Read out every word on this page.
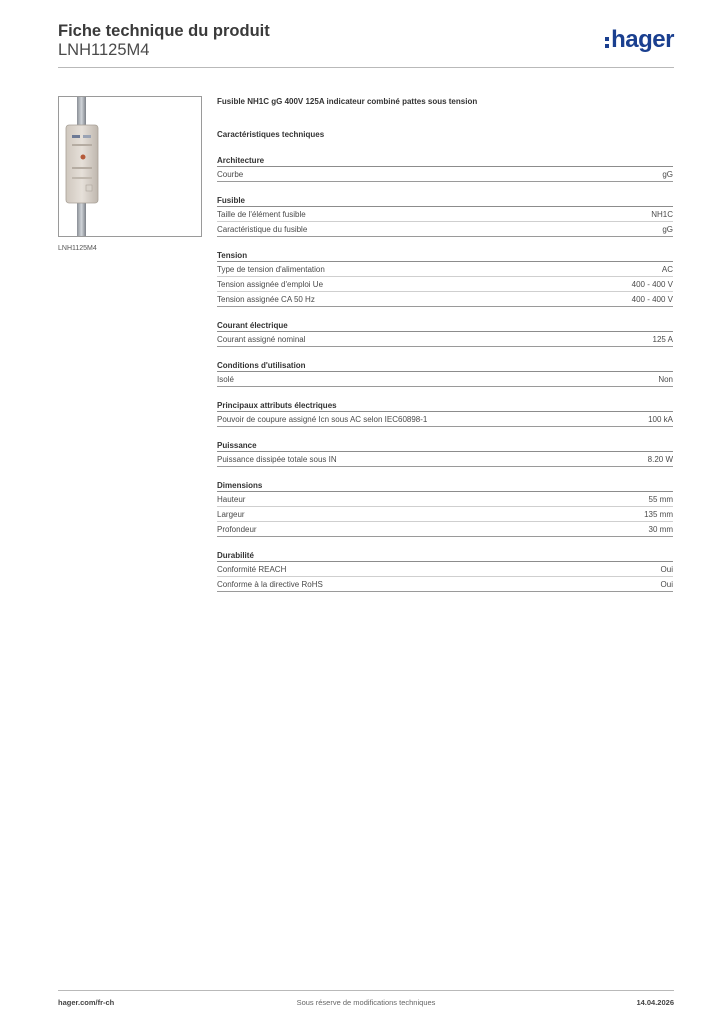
Fiche technique du produit
LNH1125M4	hager
LNH1125M4
Fusible NH1C gG 400V 125A indicateur combiné pattes sous tension
Caractéristiques techniques
Architecture
Courbe	gG
Fusible
Taille de l'élément fusible	NH1C
Caractéristique du fusible	gG
Tension
Type de tension d'alimentation	AC
Tension assignée d'emploi Ue	400 - 400 V
Tension assignée CA 50 Hz	400 - 400 V
Courant électrique
Courant assigné nominal	125 A
Conditions d'utilisation
Isolé	Non
Principaux attributs électriques
Pouvoir de coupure assigné Icn sous AC selon IEC60898-1	100 kA
Puissance
Puissance dissipée totale sous IN	8.20 W
Dimensions
Hauteur	55 mm
Largeur	135 mm
Profondeur	30 mm
Durabilité
Conformité REACH	Oui
Conforme à la directive RoHS	Oui
hager.com/fr-ch	Sous réserve de modifications techniques	14.04.2026
